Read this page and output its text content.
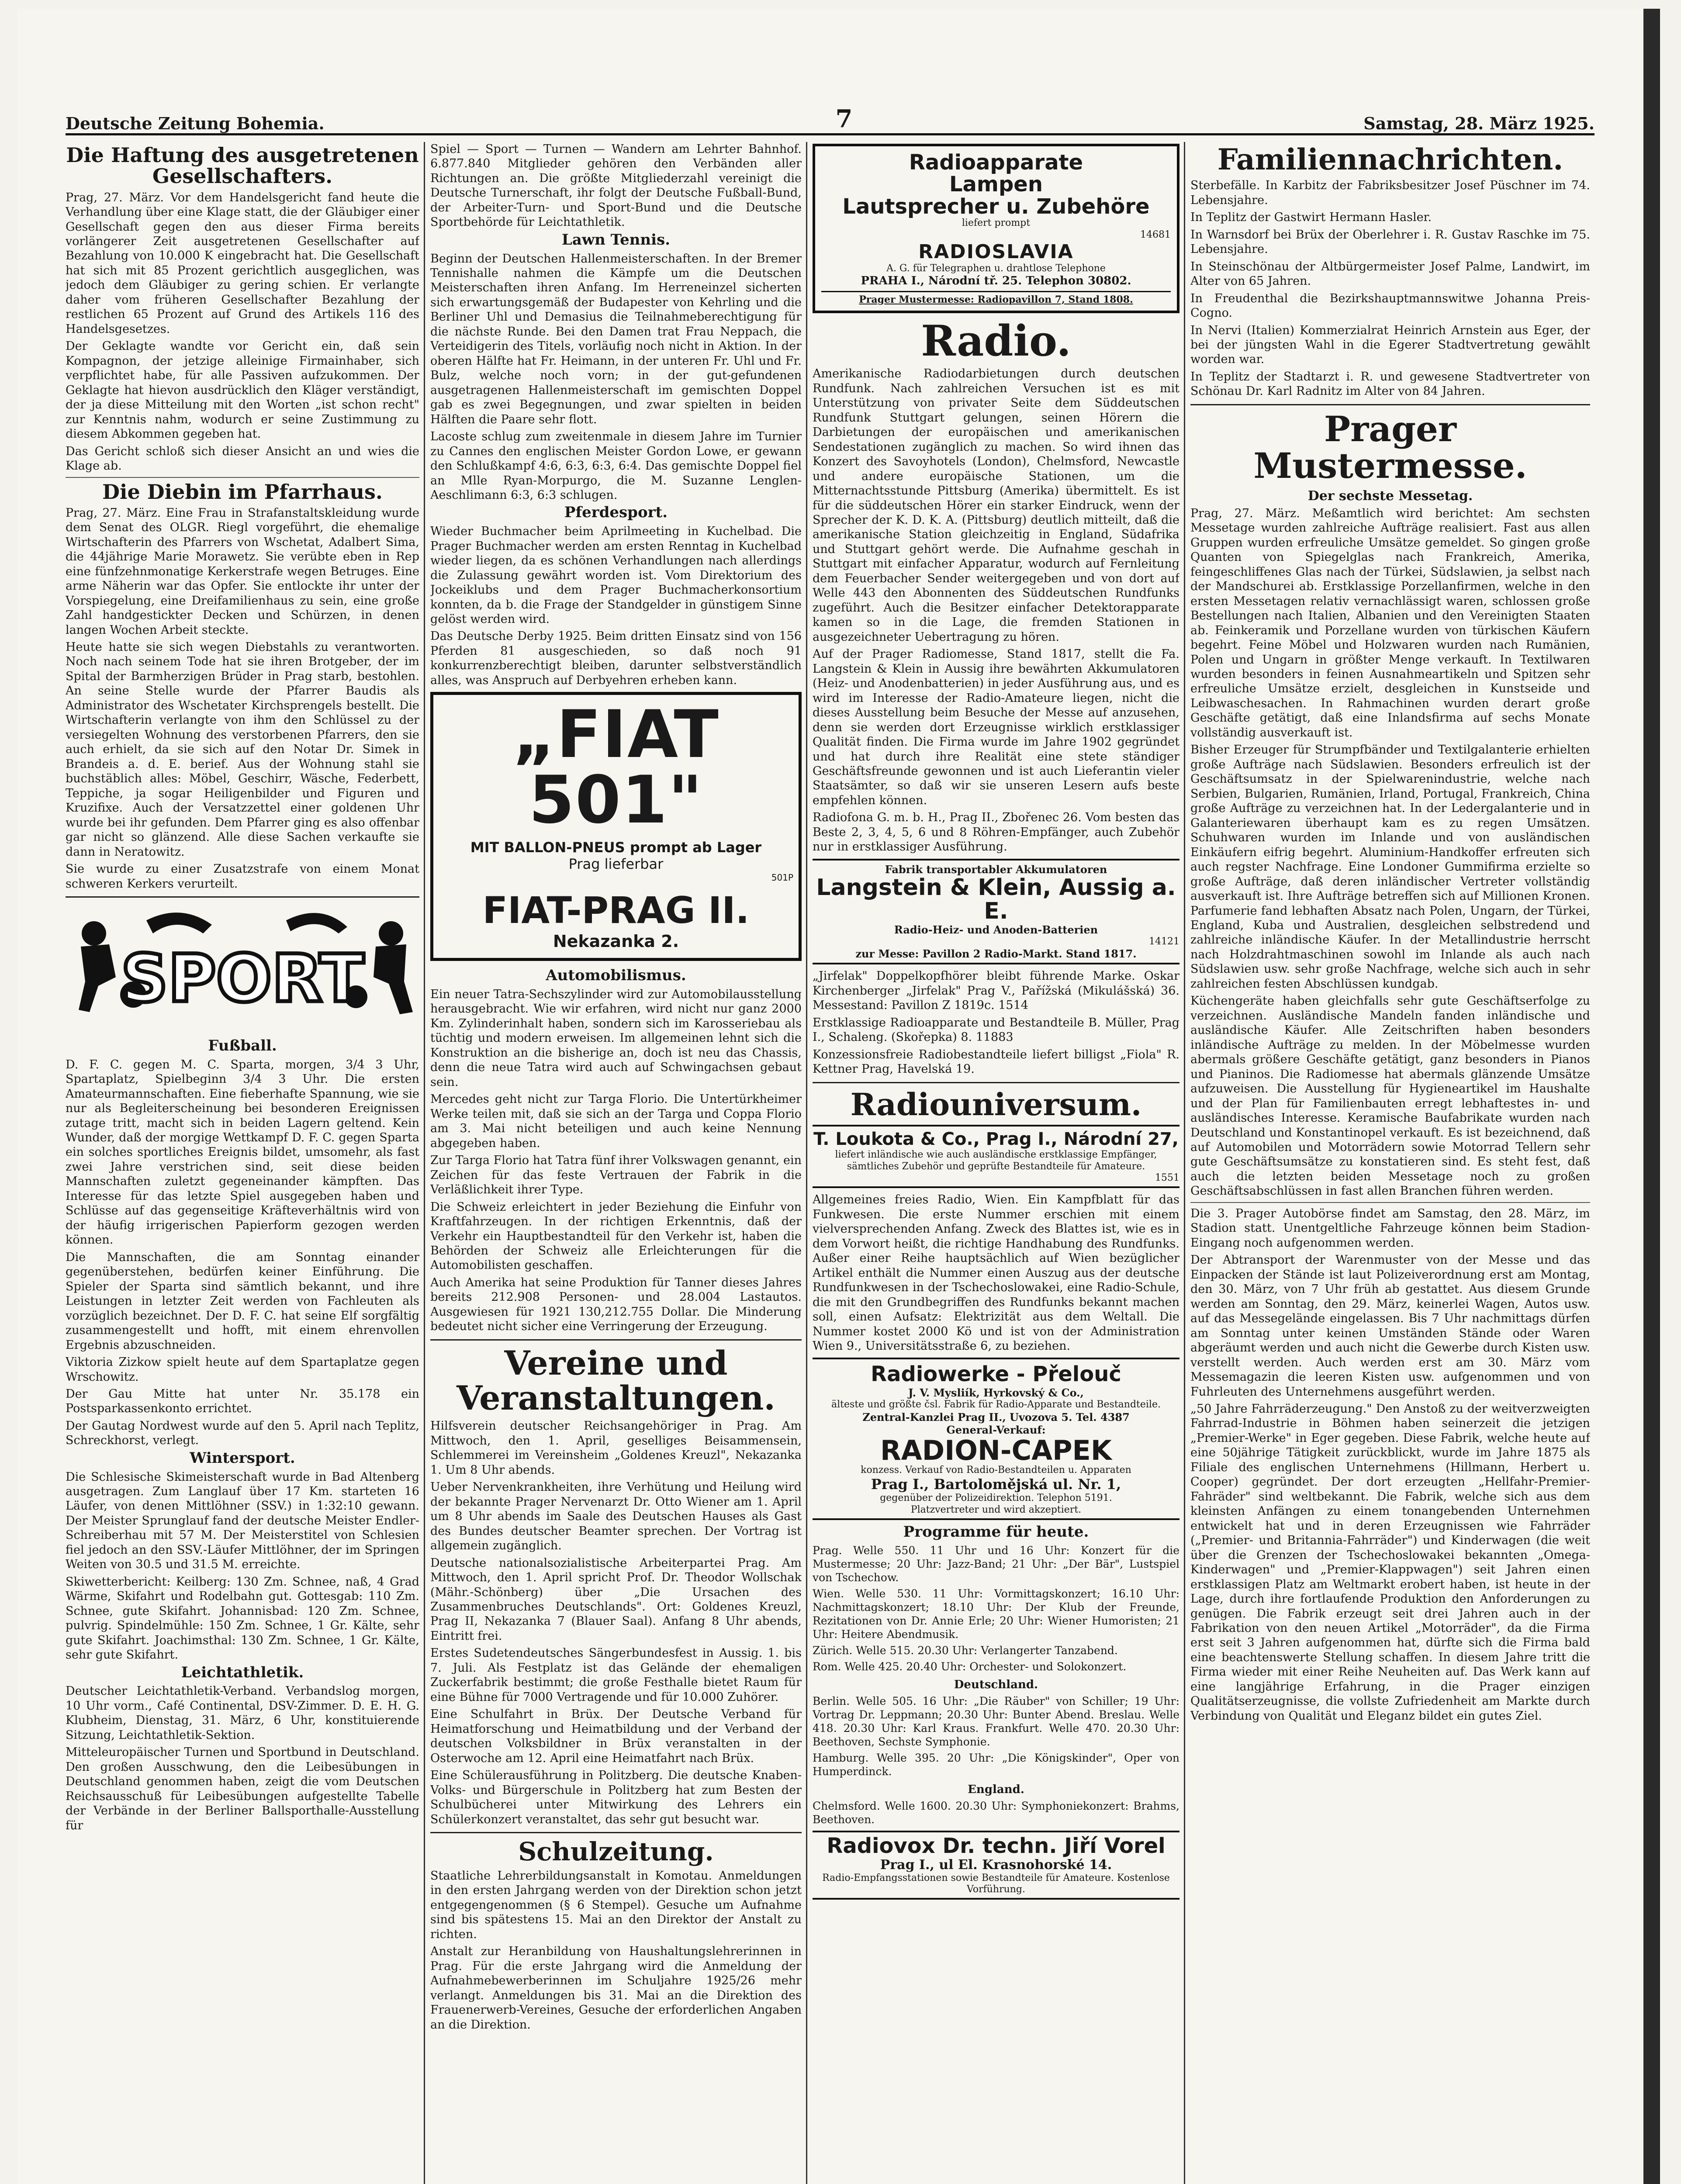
Deutsche Zeitung Bohemia.	7	Samstag, 28. März 1925.
Die Haftung des ausgetretenen Gesellschafters.

Prag, 27. März. Vor dem Handelsgericht fand heute die Verhandlung über eine Klage statt, die der Gläubiger einer Gesellschaft gegen den aus dieser Firma bereits vorlängerer Zeit ausgetretenen Gesellschafter auf Bezahlung von 10.000 K eingebracht hat. Die Gesellschaft hat sich mit 85 Prozent gerichtlich ausgeglichen, was jedoch dem Gläubiger zu gering schien. Er verlangte daher vom früheren Gesellschafter Bezahlung der restlichen 65 Prozent auf Grund des Artikels 116 des Handelsgesetzes.

Der Geklagte wandte vor Gericht ein, daß sein Kompagnon, der jetzige alleinige Firmainhaber, sich verpflichtet habe, für alle Passiven aufzukommen. Der Geklagte hat hievon ausdrücklich den Kläger verständigt, der ja diese Mitteilung mit den Worten „ist schon recht" zur Kenntnis nahm, wodurch er seine Zustimmung zu diesem Abkommen gegeben hat.

Das Gericht schloß sich dieser Ansicht an und wies die Klage ab.

Die Diebin im Pfarrhaus.

Prag, 27. März. Eine Frau in Strafanstaltskleidung wurde dem Senat des OLGR. Riegl vorgeführt, die ehemalige Wirtschafterin des Pfarrers von Wschetat, Adalbert Sima, die 44jährige Marie Morawetz. Sie verübte eben in Rep eine fünfzehnmonatige Kerkerstrafe wegen Betruges. Eine arme Näherin war das Opfer. Sie entlockte ihr unter der Vorspiegelung, eine Dreifamilienhaus zu sein, eine große Zahl handgestickter Decken und Schürzen, in denen langen Wochen Arbeit steckte.

Heute hatte sie sich wegen Diebstahls zu verantworten. Noch nach seinem Tode hat sie ihren Brotgeber, der im Spital der Barmherzigen Brüder in Prag starb, bestohlen. An seine Stelle wurde der Pfarrer Baudis als Administrator des Wschetater Kirchsprengels bestellt. Die Wirtschafterin verlangte von ihm den Schlüssel zu der versiegelten Wohnung des verstorbenen Pfarrers, den sie auch erhielt, da sie sich auf den Notar Dr. Simek in Brandeis a. d. E. berief. Aus der Wohnung stahl sie buchstäblich alles: Möbel, Geschirr, Wäsche, Federbett, Teppiche, ja sogar Heiligenbilder und Figuren und Kruzifixe. Auch der Versatzzettel einer goldenen Uhr wurde bei ihr gefunden. Dem Pfarrer ging es also offenbar gar nicht so glänzend. Alle diese Sachen verkaufte sie dann in Neratowitz.

Sie wurde zu einer Zusatzstrafe von einem Monat schweren Kerkers verurteilt.

SPORT
Fußball.

D. F. C. gegen M. C. Sparta, morgen, 3/4 3 Uhr, Spartaplatz, Spielbeginn 3/4 3 Uhr. Die ersten Amateurmannschaften. Eine fieberhafte Spannung, wie sie nur als Begleiterscheinung bei besonderen Ereignissen zutage tritt, macht sich in beiden Lagern geltend. Kein Wunder, daß der morgige Wettkampf D. F. C. gegen Sparta ein solches sportliches Ereignis bildet, umsomehr, als fast zwei Jahre verstrichen sind, seit diese beiden Mannschaften zuletzt gegeneinander kämpften. Das Interesse für das letzte Spiel ausgegeben haben und Schlüsse auf das gegenseitige Kräfteverhältnis wird von der häufig irrigerischen Papierform gezogen werden können.

Die Mannschaften, die am Sonntag einander gegenüberstehen, bedürfen keiner Einführung. Die Spieler der Sparta sind sämtlich bekannt, und ihre Leistungen in letzter Zeit werden von Fachleuten als vorzüglich bezeichnet. Der D. F. C. hat seine Elf sorgfältig zusammengestellt und hofft, mit einem ehrenvollen Ergebnis abzuschneiden.

Viktoria Zizkow spielt heute auf dem Spartaplatze gegen Wrschowitz.

Der Gau Mitte hat unter Nr. 35.178 ein Postsparkassenkonto errichtet.

Der Gautag Nordwest wurde auf den 5. April nach Teplitz, Schreckhorst, verlegt.

Wintersport.

Die Schlesische Skimeisterschaft wurde in Bad Altenberg ausgetragen. Zum Langlauf über 17 Km. starteten 16 Läufer, von denen Mittlöhner (SSV.) in 1:32:10 gewann. Der Meister Sprunglauf fand der deutsche Meister Endler-Schreiberhau mit 57 M. Der Meisterstitel von Schlesien fiel jedoch an den SSV.-Läufer Mittlöhner, der im Springen Weiten von 30.5 und 31.5 M. erreichte.

Skiwetterbericht: Keilberg: 130 Zm. Schnee, naß, 4 Grad Wärme, Skifahrt und Rodelbahn gut. Gottesgab: 110 Zm. Schnee, gute Skifahrt. Johannisbad: 120 Zm. Schnee, pulvrig. Spindelmühle: 150 Zm. Schnee, 1 Gr. Kälte, sehr gute Skifahrt. Joachimsthal: 130 Zm. Schnee, 1 Gr. Kälte, sehr gute Skifahrt.

Leichtathletik.

Deutscher Leichtathletik-Verband. Verbandslog morgen, 10 Uhr vorm., Café Continental, DSV-Zimmer. D. E. H. G. Klubheim, Dienstag, 31. März, 6 Uhr, konstituierende Sitzung, Leichtathletik-Sektion.

Mitteleuropäischer Turnen und Sportbund in Deutschland. Den großen Ausschwung, den die Leibesübungen in Deutschland genommen haben, zeigt die vom Deutschen Reichsausschuß für Leibesübungen aufgestellte Tabelle der Verbände in der Berliner Ballsporthalle-Ausstellung für

Spiel — Sport — Turnen — Wandern am Lehrter Bahnhof. 6.877.840 Mitglieder gehören den Verbänden aller Richtungen an. Die größte Mitgliederzahl vereinigt die Deutsche Turnerschaft, ihr folgt der Deutsche Fußball-Bund, der Arbeiter-Turn- und Sport-Bund und die Deutsche Sportbehörde für Leichtathletik.

Lawn Tennis.

Beginn der Deutschen Hallenmeisterschaften. In der Bremer Tennishalle nahmen die Kämpfe um die Deutschen Meisterschaften ihren Anfang. Im Herreneinzel sicherten sich erwartungsgemäß der Budapester von Kehrling und die Berliner Uhl und Demasius die Teilnahmeberechtigung für die nächste Runde. Bei den Damen trat Frau Neppach, die Verteidigerin des Titels, vorläufig noch nicht in Aktion. In der oberen Hälfte hat Fr. Heimann, in der unteren Fr. Uhl und Fr. Bulz, welche noch vorn; in der gut-gefundenen ausgetragenen Hallenmeisterschaft im gemischten Doppel gab es zwei Begegnungen, und zwar spielten in beiden Hälften die Paare sehr flott.

Lacoste schlug zum zweitenmale in diesem Jahre im Turnier zu Cannes den englischen Meister Gordon Lowe, er gewann den Schlußkampf 4:6, 6:3, 6:3, 6:4. Das gemischte Doppel fiel an Mlle Ryan-Morpurgo, die M. Suzanne Lenglen-Aeschlimann 6:3, 6:3 schlugen.

Pferdesport.

Wieder Buchmacher beim Aprilmeeting in Kuchelbad. Die Prager Buchmacher werden am ersten Renntag in Kuchelbad wieder liegen, da es schönen Verhandlungen nach allerdings die Zulassung gewährt worden ist. Vom Direktorium des Jockeiklubs und dem Prager Buchmacherkonsortium konnten, da b. die Frage der Standgelder in günstigem Sinne gelöst werden wird.

Das Deutsche Derby 1925. Beim dritten Einsatz sind von 156 Pferden 81 ausgeschieden, so daß noch 91 konkurrenzberechtigt bleiben, darunter selbstverständlich alles, was Anspruch auf Derbyehren erheben kann.

„FIAT 501"
MIT BALLON-PNEUS prompt ab Lager
Prag lieferbar
501P
FIAT-PRAG II.
Nekazanka 2.
Automobilismus.

Ein neuer Tatra-Sechszylinder wird zur Automobilausstellung herausgebracht. Wie wir erfahren, wird nicht nur ganz 2000 Km. Zylinderinhalt haben, sondern sich im Karosseriebau als tüchtig und modern erweisen. Im allgemeinen lehnt sich die Konstruktion an die bisherige an, doch ist neu das Chassis, denn die neue Tatra wird auch auf Schwingachsen gebaut sein.

Mercedes geht nicht zur Targa Florio. Die Untertürkheimer Werke teilen mit, daß sie sich an der Targa und Coppa Florio am 3. Mai nicht beteiligen und auch keine Nennung abgegeben haben.

Zur Targa Florio hat Tatra fünf ihrer Volkswagen genannt, ein Zeichen für das feste Vertrauen der Fabrik in die Verläßlichkeit ihrer Type.

Die Schweiz erleichtert in jeder Beziehung die Einfuhr von Kraftfahrzeugen. In der richtigen Erkenntnis, daß der Verkehr ein Hauptbestandteil für den Verkehr ist, haben die Behörden der Schweiz alle Erleichterungen für die Automobilisten geschaffen.

Auch Amerika hat seine Produktion für Tanner dieses Jahres bereits 212.908 Personen- und 28.004 Lastautos. Ausgewiesen für 1921 130,212.755 Dollar. Die Minderung bedeutet nicht sicher eine Verringerung der Erzeugung.

Vereine und Veranstaltungen.

Hilfsverein deutscher Reichsangehöriger in Prag. Am Mittwoch, den 1. April, geselliges Beisammensein, Schlemmerei im Vereinsheim „Goldenes Kreuzl", Nekazanka 1. Um 8 Uhr abends.

Ueber Nervenkrankheiten, ihre Verhütung und Heilung wird der bekannte Prager Nervenarzt Dr. Otto Wiener am 1. April um 8 Uhr abends im Saale des Deutschen Hauses als Gast des Bundes deutscher Beamter sprechen. Der Vortrag ist allgemein zugänglich.

Deutsche nationalsozialistische Arbeiterpartei Prag. Am Mittwoch, den 1. April spricht Prof. Dr. Theodor Wollschak (Mähr.-Schönberg) über „Die Ursachen des Zusammenbruches Deutschlands". Ort: Goldenes Kreuzl, Prag II, Nekazanka 7 (Blauer Saal). Anfang 8 Uhr abends, Eintritt frei.

Erstes Sudetendeutsches Sängerbundesfest in Aussig. 1. bis 7. Juli. Als Festplatz ist das Gelände der ehemaligen Zuckerfabrik bestimmt; die große Festhalle bietet Raum für eine Bühne für 7000 Vertragende und für 10.000 Zuhörer.

Eine Schulfahrt in Brüx. Der Deutsche Verband für Heimatforschung und Heimatbildung und der Verband der deutschen Volksbildner in Brüx veranstalten in der Osterwoche am 12. April eine Heimatfahrt nach Brüx.

Eine Schülerausführung in Politzberg. Die deutsche Knaben-Volks- und Bürgerschule in Politzberg hat zum Besten der Schulbücherei unter Mitwirkung des Lehrers ein Schülerkonzert veranstaltet, das sehr gut besucht war.

Schulzeitung.

Staatliche Lehrerbildungsanstalt in Komotau. Anmeldungen in den ersten Jahrgang werden von der Direktion schon jetzt entgegengenommen (§ 6 Stempel). Gesuche um Aufnahme sind bis spätestens 15. Mai an den Direktor der Anstalt zu richten.

Anstalt zur Heranbildung von Haushaltungslehrerinnen in Prag. Für die erste Jahrgang wird die Anmeldung der Aufnahmebewerberinnen im Schuljahre 1925/26 mehr verlangt. Anmeldungen bis 31. Mai an die Direktion des Frauenerwerb-Vereines, Gesuche der erforderlichen Angaben an die Direktion.

Radioapparate
Lampen
Lautsprecher u. Zubehöre
liefert prompt
14681
RADIOSLAVIA
A. G. für Telegraphen u. drahtlose Telephone
PRAHA I., Národní tř. 25. Telephon 30802.
Prager Mustermesse: Radiopavillon 7, Stand 1808.
Radio.

Amerikanische Radiodarbietungen durch deutschen Rundfunk. Nach zahlreichen Versuchen ist es mit Unterstützung von privater Seite dem Süddeutschen Rundfunk Stuttgart gelungen, seinen Hörern die Darbietungen der europäischen und amerikanischen Sendestationen zugänglich zu machen. So wird ihnen das Konzert des Savoyhotels (London), Chelmsford, Newcastle und andere europäische Stationen, um die Mitternachtsstunde Pittsburg (Amerika) übermittelt. Es ist für die süddeutschen Hörer ein starker Eindruck, wenn der Sprecher der K. D. K. A. (Pittsburg) deutlich mitteilt, daß die amerikanische Station gleichzeitig in England, Südafrika und Stuttgart gehört werde. Die Aufnahme geschah in Stuttgart mit einfacher Apparatur, wodurch auf Fernleitung dem Feuerbacher Sender weitergegeben und von dort auf Welle 443 den Abonnenten des Süddeutschen Rundfunks zugeführt. Auch die Besitzer einfacher Detektorapparate kamen so in die Lage, die fremden Stationen in ausgezeichneter Uebertragung zu hören.

Auf der Prager Radiomesse, Stand 1817, stellt die Fa. Langstein & Klein in Aussig ihre bewährten Akkumulatoren (Heiz- und Anodenbatterien) in jeder Ausführung aus, und es wird im Interesse der Radio-Amateure liegen, nicht die dieses Ausstellung beim Besuche der Messe auf anzusehen, denn sie werden dort Erzeugnisse wirklich erstklassiger Qualität finden. Die Firma wurde im Jahre 1902 gegründet und hat durch ihre Realität eine stete ständiger Geschäftsfreunde gewonnen und ist auch Lieferantin vieler Staatsämter, so daß wir sie unseren Lesern aufs beste empfehlen können.

Radiofona G. m. b. H., Prag II., Zbořenec 26. Vom besten das Beste 2, 3, 4, 5, 6 und 8 Röhren-Empfänger, auch Zubehör nur in erstklassiger Ausführung.

Fabrik transportabler Akkumulatoren
Langstein & Klein, Aussig a. E.
Radio-Heiz- und Anoden-Batterien
14121
zur Messe: Pavillon 2 Radio-Markt. Stand 1817.

„Jirfelak" Doppelkopfhörer bleibt führende Marke. Oskar Kirchenberger „Jirfelak" Prag V., Pařížská (Mikulášská) 36. Messestand: Pavillon Z 1819c. 1514

Erstklassige Radioapparate und Bestandteile B. Müller, Prag I., Schaleng. (Skořepka) 8. 11883

Konzessionsfreie Radiobestandteile liefert billigst „Fiola" R. Kettner Prag, Havelská 19.

Radiouniversum.
T. Loukota & Co., Prag I., Národní 27,
liefert inländische wie auch ausländische erstklassige Empfänger, sämtliches Zubehör und geprüfte Bestandteile für Amateure.
1551

Allgemeines freies Radio, Wien. Ein Kampfblatt für das Funkwesen. Die erste Nummer erschien mit einem vielversprechenden Anfang. Zweck des Blattes ist, wie es in dem Vorwort heißt, die richtige Handhabung des Rundfunks. Außer einer Reihe hauptsächlich auf Wien bezüglicher Artikel enthält die Nummer einen Auszug aus der deutsche Rundfunkwesen in der Tschechoslowakei, eine Radio-Schule, die mit den Grundbegriffen des Rundfunks bekannt machen soll, einen Aufsatz: Elektrizität aus dem Weltall. Die Nummer kostet 2000 Kö und ist von der Administration Wien 9., Universitätsstraße 6, zu beziehen.

Radiowerke - Přelouč
J. V. Mysliík, Hyrkovský & Co.,
älteste und größte čsl. Fabrik für Radio-Apparate und Bestandteile.
Zentral-Kanzlei Prag II., Uvozova 5. Tel. 4387
General-Verkauf:
RADION-CAPEK
konzess. Verkauf von Radio-Bestandteilen u. Apparaten
Prag I., Bartolomějská ul. Nr. 1,
gegenüber der Polizeidirektion. Telephon 5191.
Platzvertreter und wird akzeptiert.
Programme für heute.

Prag. Welle 550. 11 Uhr und 16 Uhr: Konzert für die Mustermesse; 20 Uhr: Jazz-Band; 21 Uhr: „Der Bär", Lustspiel von Tschechow.

Wien. Welle 530. 11 Uhr: Vormittagskonzert; 16.10 Uhr: Nachmittagskonzert; 18.10 Uhr: Der Klub der Freunde, Rezitationen von Dr. Annie Erle; 20 Uhr: Wiener Humoristen; 21 Uhr: Heitere Abendmusik.

Zürich. Welle 515. 20.30 Uhr: Verlangerter Tanzabend.

Rom. Welle 425. 20.40 Uhr: Orchester- und Solokonzert.

Deutschland.

Berlin. Welle 505. 16 Uhr: „Die Räuber" von Schiller; 19 Uhr: Vortrag Dr. Leppmann; 20.30 Uhr: Bunter Abend. Breslau. Welle 418. 20.30 Uhr: Karl Kraus. Frankfurt. Welle 470. 20.30 Uhr: Beethoven, Sechste Symphonie.

Hamburg. Welle 395. 20 Uhr: „Die Königskinder", Oper von Humperdinck.

England.

Chelmsford. Welle 1600. 20.30 Uhr: Symphoniekonzert: Brahms, Beethoven.

Radiovox Dr. techn. Jiří Vorel
Prag I., ul El. Krasnohorské 14.
Radio-Empfangsstationen sowie Bestandteile für Amateure. Kostenlose Vorführung.
Familiennachrichten.

Sterbefälle. In Karbitz der Fabriksbesitzer Josef Püschner im 74. Lebensjahre.

In Teplitz der Gastwirt Hermann Hasler.

In Warnsdorf bei Brüx der Oberlehrer i. R. Gustav Raschke im 75. Lebensjahre.

In Steinschönau der Altbürgermeister Josef Palme, Landwirt, im Alter von 65 Jahren.

In Freudenthal die Bezirkshauptmannswitwe Johanna Preis-Cogno.

In Nervi (Italien) Kommerzialrat Heinrich Arnstein aus Eger, der bei der jüngsten Wahl in die Egerer Stadtvertretung gewählt worden war.

In Teplitz der Stadtarzt i. R. und gewesene Stadtvertreter von Schönau Dr. Karl Radnitz im Alter von 84 Jahren.

Prager Mustermesse.
Der sechste Messetag.

Prag, 27. März. Meßamtlich wird berichtet: Am sechsten Messetage wurden zahlreiche Aufträge realisiert. Fast aus allen Gruppen wurden erfreuliche Umsätze gemeldet. So gingen große Quanten von Spiegelglas nach Frankreich, Amerika, feingeschliffenes Glas nach der Türkei, Südslawien, ja selbst nach der Mandschurei ab. Erstklassige Porzellanfirmen, welche in den ersten Messetagen relativ vernachlässigt waren, schlossen große Bestellungen nach Italien, Albanien und den Vereinigten Staaten ab. Feinkeramik und Porzellane wurden von türkischen Käufern begehrt. Feine Möbel und Holzwaren wurden nach Rumänien, Polen und Ungarn in größter Menge verkauft. In Textilwaren wurden besonders in feinen Ausnahmeartikeln und Spitzen sehr erfreuliche Umsätze erzielt, desgleichen in Kunstseide und Leibwaschesachen. In Rahmachinen wurden derart große Geschäfte getätigt, daß eine Inlandsfirma auf sechs Monate vollständig ausverkauft ist.

Bisher Erzeuger für Strumpfbänder und Textilgalanterie erhielten große Aufträge nach Südslawien. Besonders erfreulich ist der Geschäftsumsatz in der Spielwarenindustrie, welche nach Serbien, Bulgarien, Rumänien, Irland, Portugal, Frankreich, China große Aufträge zu verzeichnen hat. In der Ledergalanterie und in Galanteriewaren überhaupt kam es zu regen Umsätzen. Schuhwaren wurden im Inlande und von ausländischen Einkäufern eifrig begehrt. Aluminium-Handkoffer erfreuten sich auch regster Nachfrage. Eine Londoner Gummifirma erzielte so große Aufträge, daß deren inländischer Vertreter vollständig ausverkauft ist. Ihre Aufträge betreffen sich auf Millionen Kronen. Parfumerie fand lebhaften Absatz nach Polen, Ungarn, der Türkei, England, Kuba und Australien, desgleichen selbstredend und zahlreiche inländische Käufer. In der Metallindustrie herrscht nach Holzdrahtmaschinen sowohl im Inlande als auch nach Südslawien usw. sehr große Nachfrage, welche sich auch in sehr zahlreichen festen Abschlüssen kundgab.

Küchengeräte haben gleichfalls sehr gute Geschäftserfolge zu verzeichnen. Ausländische Mandeln fanden inländische und ausländische Käufer. Alle Zeitschriften haben besonders inländische Aufträge zu melden. In der Möbelmesse wurden abermals größere Geschäfte getätigt, ganz besonders in Pianos und Pianinos. Die Radiomesse hat abermals glänzende Umsätze aufzuweisen. Die Ausstellung für Hygieneartikel im Haushalte und der Plan für Familienbauten erregt lebhaftestes in- und ausländisches Interesse. Keramische Baufabrikate wurden nach Deutschland und Konstantinopel verkauft. Es ist bezeichnend, daß auf Automobilen und Motorrädern sowie Motorrad Tellern sehr gute Geschäftsumsätze zu konstatieren sind. Es steht fest, daß auch die letzten beiden Messetage noch zu großen Geschäftsabschlüssen in fast allen Branchen führen werden.

Die 3. Prager Autobörse findet am Samstag, den 28. März, im Stadion statt. Unentgeltliche Fahrzeuge können beim Stadion-Eingang noch aufgenommen werden.

Der Abtransport der Warenmuster von der Messe und das Einpacken der Stände ist laut Polizeiverordnung erst am Montag, den 30. März, von 7 Uhr früh ab gestattet. Aus diesem Grunde werden am Sonntag, den 29. März, keinerlei Wagen, Autos usw. auf das Messegelände eingelassen. Bis 7 Uhr nachmittags dürfen am Sonntag unter keinen Umständen Stände oder Waren abgeräumt werden und auch nicht die Gewerbe durch Kisten usw. verstellt werden. Auch werden erst am 30. März vom Messemagazin die leeren Kisten usw. aufgenommen und von Fuhrleuten des Unternehmens ausgeführt werden.

„50 Jahre Fahrräderzeugung." Den Anstoß zu der weitverzweigten Fahrrad-Industrie in Böhmen haben seinerzeit die jetzigen „Premier-Werke" in Eger gegeben. Diese Fabrik, welche heute auf eine 50jährige Tätigkeit zurückblickt, wurde im Jahre 1875 als Filiale des englischen Unternehmens (Hillmann, Herbert u. Cooper) gegründet. Der dort erzeugten „Hellfahr-Premier-Fahräder" sind weltbekannt. Die Fabrik, welche sich aus dem kleinsten Anfängen zu einem tonangebenden Unternehmen entwickelt hat und in deren Erzeugnissen wie Fahrräder („Premier- und Britannia-Fahrräder") und Kinderwagen (die weit über die Grenzen der Tschechoslowakei bekannten „Omega-Kinderwagen" und „Premier-Klappwagen") seit Jahren einen erstklassigen Platz am Weltmarkt erobert haben, ist heute in der Lage, durch ihre fortlaufende Produktion den Anforderungen zu genügen. Die Fabrik erzeugt seit drei Jahren auch in der Fabrikation von den neuen Artikel „Motorräder", da die Firma erst seit 3 Jahren aufgenommen hat, dürfte sich die Firma bald eine beachtenswerte Stellung schaffen. In diesem Jahre tritt die Firma wieder mit einer Reihe Neuheiten auf. Das Werk kann auf eine langjährige Erfahrung, in die Prager einzigen Qualitätserzeugnisse, die vollste Zufriedenheit am Markte durch Verbindung von Qualität und Eleganz bildet ein gutes Ziel.
